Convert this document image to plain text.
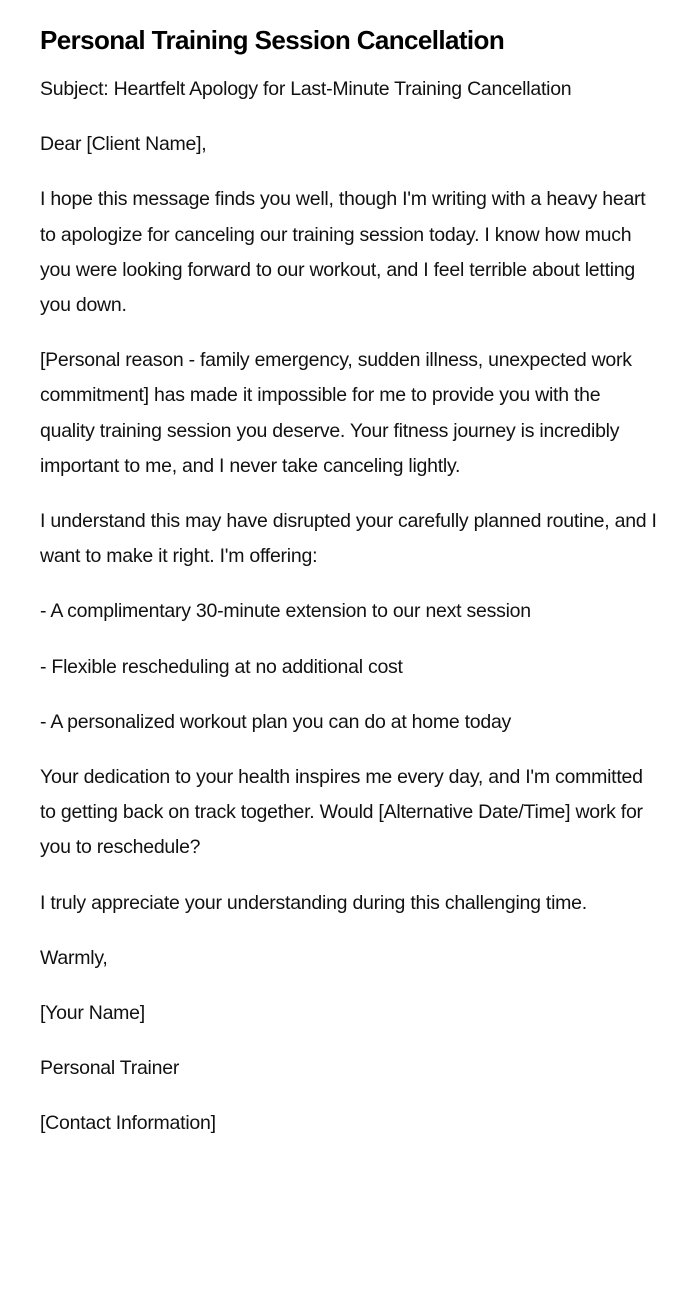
Personal Training Session Cancellation

Subject: Heartfelt Apology for Last-Minute Training Cancellation

Dear [Client Name],

I hope this message finds you well, though I'm writing with a heavy heart to apologize for canceling our training session today. I know how much you were looking forward to our workout, and I feel terrible about letting you down.

[Personal reason - family emergency, sudden illness, unexpected work commitment] has made it impossible for me to provide you with the quality training session you deserve. Your fitness journey is incredibly important to me, and I never take canceling lightly.

I understand this may have disrupted your carefully planned routine, and I want to make it right. I'm offering:

- A complimentary 30-minute extension to our next session

- Flexible rescheduling at no additional cost

- A personalized workout plan you can do at home today

Your dedication to your health inspires me every day, and I'm committed to getting back on track together. Would [Alternative Date/Time] work for you to reschedule?

I truly appreciate your understanding during this challenging time.

Warmly,

[Your Name]

Personal Trainer

[Contact Information]
